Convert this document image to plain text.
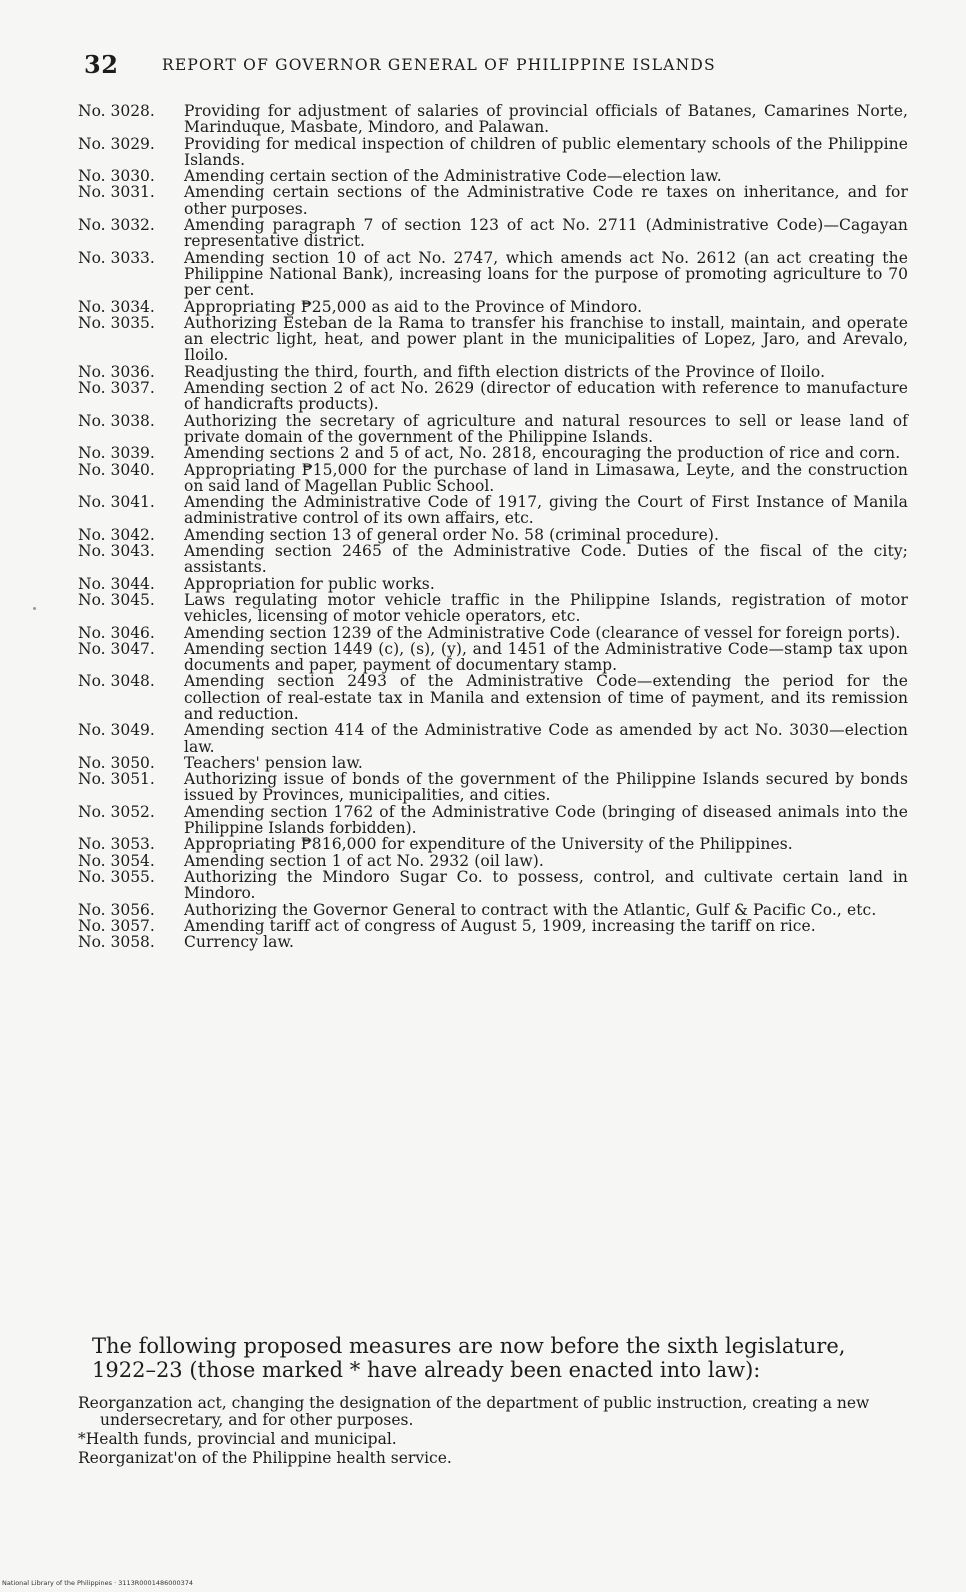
32	REPORT OF GOVERNOR GENERAL OF PHILIPPINE ISLANDS
No. 3028.	Providing for adjustment of salaries of provincial officials of Batanes, Camarines Norte, Marinduque, Masbate, Mindoro, and Palawan.
No. 3029.	Providing for medical inspection of children of public elementary schools of the Philippine Islands.
No. 3030.	Amending certain section of the Administrative Code—election law.
No. 3031.	Amending certain sections of the Administrative Code re taxes on inheritance, and for other purposes.
No. 3032.	Amending paragraph 7 of section 123 of act No. 2711 (Administrative Code)—Cagayan representative district.
No. 3033.	Amending section 10 of act No. 2747, which amends act No. 2612 (an act creating the Philippine National Bank), increasing loans for the purpose of promoting agriculture to 70 per cent.
No. 3034.	Appropriating ₱25,000 as aid to the Province of Mindoro.
No. 3035.	Authorizing Esteban de la Rama to transfer his franchise to install, maintain, and operate an electric light, heat, and power plant in the municipalities of Lopez, Jaro, and Arevalo, Iloilo.
No. 3036.	Readjusting the third, fourth, and fifth election districts of the Province of Iloilo.
No. 3037.	Amending section 2 of act No. 2629 (director of education with reference to manufacture of handicrafts products).
No. 3038.	Authorizing the secretary of agriculture and natural resources to sell or lease land of private domain of the government of the Philippine Islands.
No. 3039.	Amending sections 2 and 5 of act, No. 2818, encouraging the production of rice and corn.
No. 3040.	Appropriating ₱15,000 for the purchase of land in Limasawa, Leyte, and the construction on said land of Magellan Public School.
No. 3041.	Amending the Administrative Code of 1917, giving the Court of First Instance of Manila administrative control of its own affairs, etc.
No. 3042.	Amending section 13 of general order No. 58 (criminal procedure).
No. 3043.	Amending section 2465 of the Administrative Code. Duties of the fiscal of the city; assistants.
No. 3044.	Appropriation for public works.
No. 3045.	Laws regulating motor vehicle traffic in the Philippine Islands, registration of motor vehicles, licensing of motor vehicle operators, etc.
No. 3046.	Amending section 1239 of the Administrative Code (clearance of vessel for foreign ports).
No. 3047.	Amending section 1449 (c), (s), (y), and 1451 of the Administrative Code—stamp tax upon documents and paper, payment of documentary stamp.
No. 3048.	Amending section 2493 of the Administrative Code—extending the period for the collection of real-estate tax in Manila and extension of time of payment, and its remission and reduction.
No. 3049.	Amending section 414 of the Administrative Code as amended by act No. 3030—election law.
No. 3050.	Teachers' pension law.
No. 3051.	Authorizing issue of bonds of the government of the Philippine Islands secured by bonds issued by Provinces, municipalities, and cities.
No. 3052.	Amending section 1762 of the Administrative Code (bringing of diseased animals into the Philippine Islands forbidden).
No. 3053.	Appropriating ₱816,000 for expenditure of the University of the Philippines.
No. 3054.	Amending section 1 of act No. 2932 (oil law).
No. 3055.	Authorizing the Mindoro Sugar Co. to possess, control, and cultivate certain land in Mindoro.
No. 3056.	Authorizing the Governor General to contract with the Atlantic, Gulf & Pacific Co., etc.
No. 3057.	Amending tariff act of congress of August 5, 1909, increasing the tariff on rice.
No. 3058.	Currency law.

The following proposed measures are now before the sixth legislature, 1922–23 (those marked * have already been enacted into law):

Reorganzation act, changing the designation of the department of public instruction, creating a new undersecretary, and for other purposes.

*Health funds, provincial and municipal.

Reorganizat'on of the Philippine health service.

National Library of the Philippines · 3113R0001486000374
